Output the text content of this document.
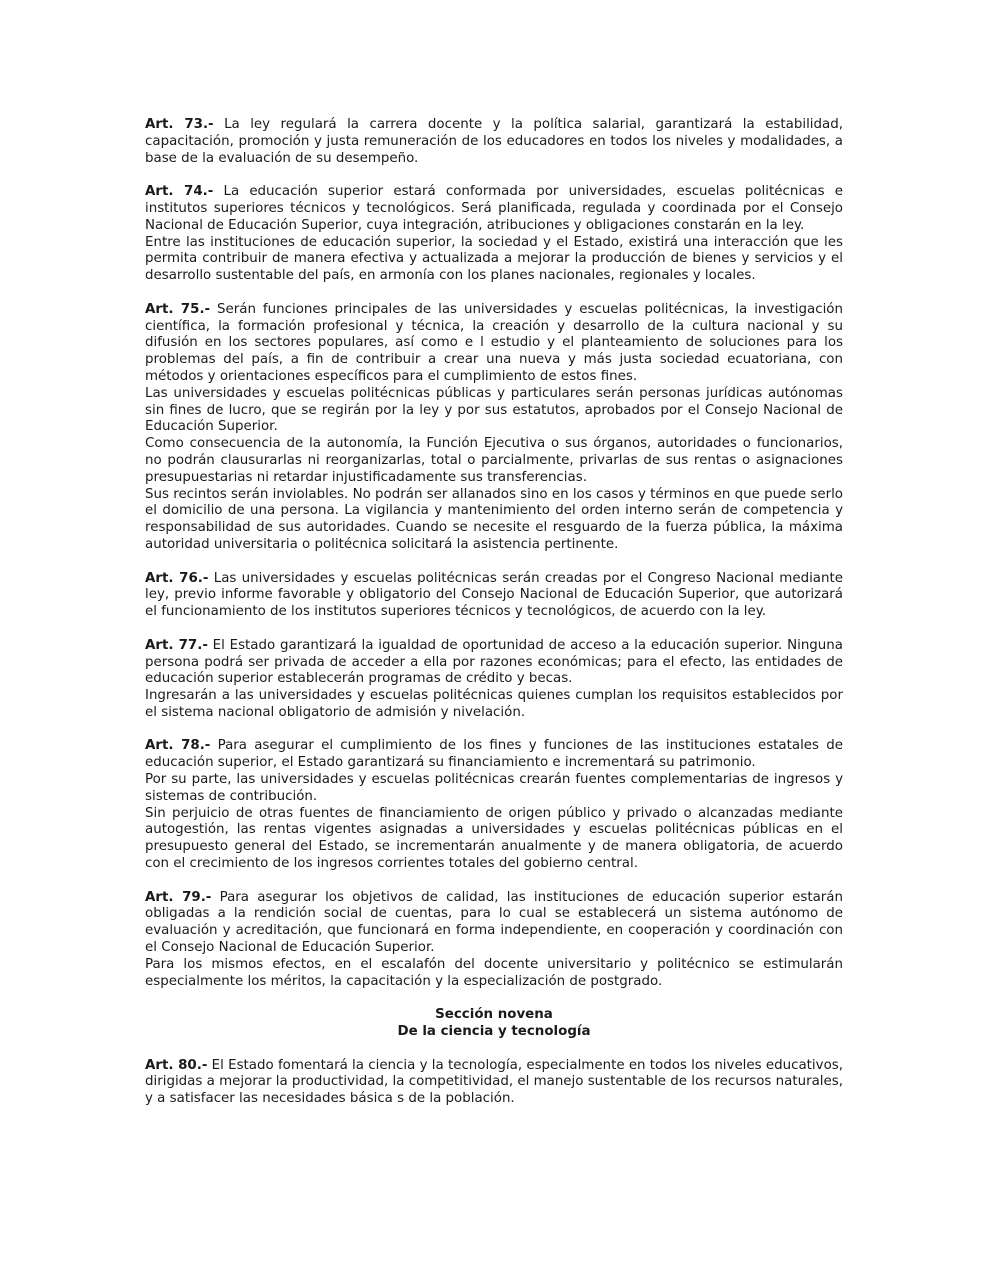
Art. 73.- La ley regulará la carrera docente y la política salarial, garantizará la estabilidad, capacitación, promoción y justa remuneración de los educadores en todos los niveles y modalidades, a base de la evaluación de su desempeño.

Art. 74.- La educación superior estará conformada por universidades, escuelas politécnicas e institutos superiores técnicos y tecnológicos. Será planificada, regulada y coordinada por el Consejo Nacional de Educación Superior, cuya integración, atribuciones y obligaciones constarán en la ley.

Entre las instituciones de educación superior, la sociedad y el Estado, existirá una interacción que les permita contribuir de manera efectiva y actualizada a mejorar la producción de bienes y servicios y el desarrollo sustentable del país, en armonía con los planes nacionales, regionales y locales.

Art. 75.- Serán funciones principales de las universidades y escuelas politécnicas, la investigación científica, la formación profesional y técnica, la creación y desarrollo de la cultura nacional y su difusión en los sectores populares, así como e l estudio y el planteamiento de soluciones para los problemas del país, a fin de contribuir a crear una nueva y más justa sociedad ecuatoriana, con métodos y orientaciones específicos para el cumplimiento de estos fines.

Las universidades y escuelas politécnicas públicas y particulares serán personas jurídicas autónomas sin fines de lucro, que se regirán por la ley y por sus estatutos, aprobados por el Consejo Nacional de Educación Superior.

Como consecuencia de la autonomía, la Función Ejecutiva o sus órganos, autoridades o funcionarios, no podrán clausurarlas ni reorganizarlas, total o parcialmente, privarlas de sus rentas o asignaciones presupuestarias ni retardar injustificadamente sus transferencias.

Sus recintos serán inviolables. No podrán ser allanados sino en los casos y términos en que puede serlo el domicilio de una persona. La vigilancia y mantenimiento del orden interno serán de competencia y responsabilidad de sus autoridades. Cuando se necesite el resguardo de la fuerza pública, la máxima autoridad universitaria o politécnica solicitará la asistencia pertinente.

Art. 76.- Las universidades y escuelas politécnicas serán creadas por el Congreso Nacional mediante ley, previo informe favorable y obligatorio del Consejo Nacional de Educación Superior, que autorizará el funcionamiento de los institutos superiores técnicos y tecnológicos, de acuerdo con la ley.

Art. 77.- El Estado garantizará la igualdad de oportunidad de acceso a la educación superior. Ninguna persona podrá ser privada de acceder a ella por razones económicas; para el efecto, las entidades de educación superior establecerán programas de crédito y becas.

Ingresarán a las universidades y escuelas politécnicas quienes cumplan los requisitos establecidos por el sistema nacional obligatorio de admisión y nivelación.

Art. 78.- Para asegurar el cumplimiento de los fines y funciones de las instituciones estatales de educación superior, el Estado garantizará su financiamiento e incrementará su patrimonio.

Por su parte, las universidades y escuelas politécnicas crearán fuentes complementarias de ingresos y sistemas de contribución.

Sin perjuicio de otras fuentes de financiamiento de origen público y privado o alcanzadas mediante autogestión, las rentas vigentes asignadas a universidades y escuelas politécnicas públicas en el presupuesto general del Estado, se incrementarán anualmente y de manera obligatoria, de acuerdo con el crecimiento de los ingresos corrientes totales del gobierno central.

Art. 79.- Para asegurar los objetivos de calidad, las instituciones de educación superior estarán obligadas a la rendición social de cuentas, para lo cual se establecerá un sistema autónomo de evaluación y acreditación, que funcionará en forma independiente, en cooperación y coordinación con el Consejo Nacional de Educación Superior.

Para los mismos efectos, en el escalafón del docente universitario y politécnico se estimularán especialmente los méritos, la capacitación y la especialización de postgrado.

Sección novena
De la ciencia y tecnología

Art. 80.- El Estado fomentará la ciencia y la tecnología, especialmente en todos los niveles educativos, dirigidas a mejorar la productividad, la competitividad, el manejo sustentable de los recursos naturales, y a satisfacer las necesidades básica s de la población.
